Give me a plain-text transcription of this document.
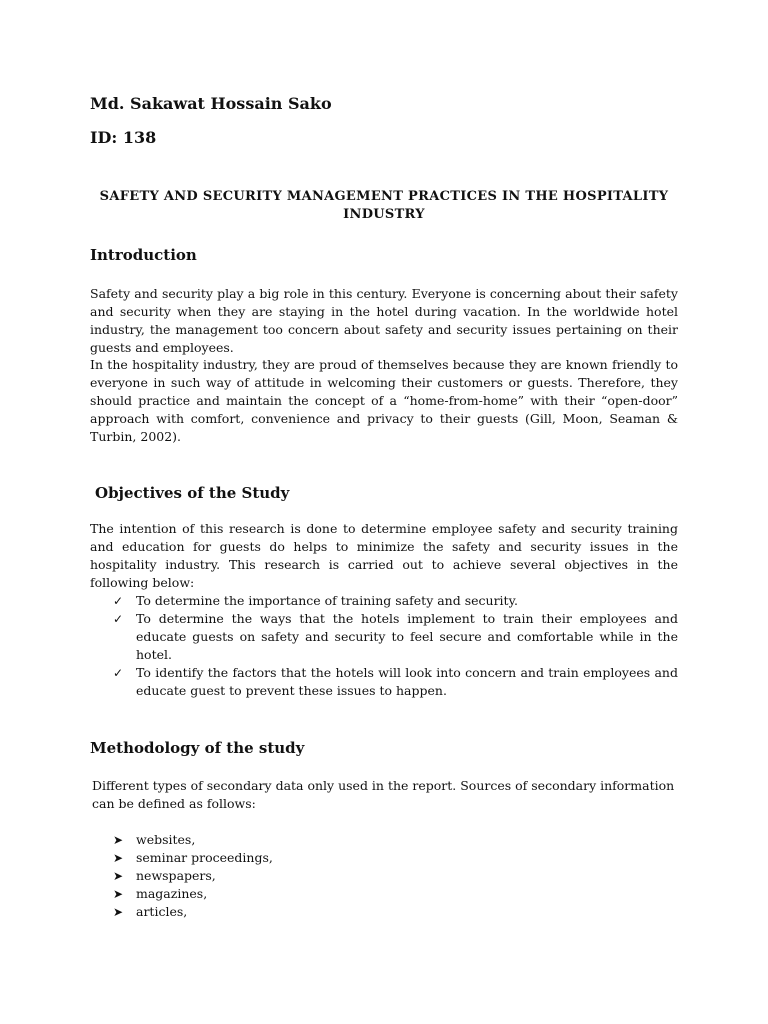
Md. Sakawat Hossain Sako
ID: 138
SAFETY AND SECURITY MANAGEMENT PRACTICES IN THE HOSPITALITY INDUSTRY
Introduction
Safety and security play a big role in this century. Everyone is concerning about their safety and security when they are staying in the hotel during vacation. In the worldwide hotel industry, the management too concern about safety and security issues pertaining on their guests and employees.
In the hospitality industry, they are proud of themselves because they are known friendly to everyone in such way of attitude in welcoming their customers or guests. Therefore, they should practice and maintain the concept of a “home-from-home” with their “open-door” approach with comfort, convenience and privacy to their guests (Gill, Moon, Seaman & Turbin, 2002).
Objectives of the Study
The intention of this research is done to determine employee safety and security training and education for guests do helps to minimize the safety and security issues in the hospitality industry. This research is carried out to achieve several objectives in the following below:
✓	To determine the importance of training safety and security.
✓	To determine the ways that the hotels implement to train their employees and educate guests on safety and security to feel secure and comfortable while in the hotel.
✓	To identify the factors that the hotels will look into concern and train employees and educate guest to prevent these issues to happen.
Methodology of the study
Different types of secondary data only used in the report. Sources of secondary information can be defined as follows:
➤	websites,
➤	seminar proceedings,
➤	newspapers,
➤	magazines,
➤	articles,
